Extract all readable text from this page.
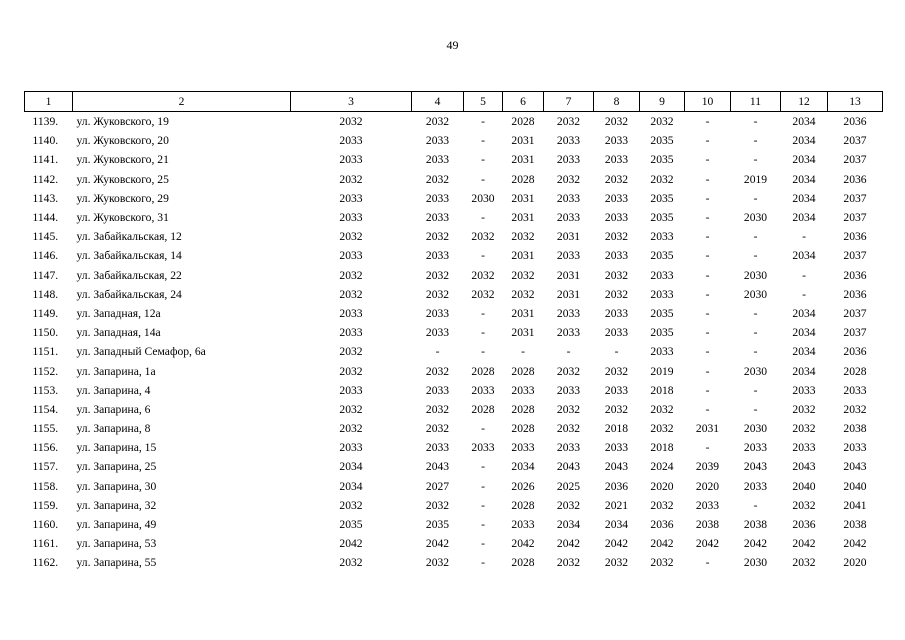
49
1	2	3	4	5	6	7	8	9	10	11	12	13
1139.	ул. Жуковского, 19	2032	2032	-	2028	2032	2032	2032	-	-	2034	2036
1140.	ул. Жуковского, 20	2033	2033	-	2031	2033	2033	2035	-	-	2034	2037
1141.	ул. Жуковского, 21	2033	2033	-	2031	2033	2033	2035	-	-	2034	2037
1142.	ул. Жуковского, 25	2032	2032	-	2028	2032	2032	2032	-	2019	2034	2036
1143.	ул. Жуковского, 29	2033	2033	2030	2031	2033	2033	2035	-	-	2034	2037
1144.	ул. Жуковского, 31	2033	2033	-	2031	2033	2033	2035	-	2030	2034	2037
1145.	ул. Забайкальская, 12	2032	2032	2032	2032	2031	2032	2033	-	-	-	2036
1146.	ул. Забайкальская, 14	2033	2033	-	2031	2033	2033	2035	-	-	2034	2037
1147.	ул. Забайкальская, 22	2032	2032	2032	2032	2031	2032	2033	-	2030	-	2036
1148.	ул. Забайкальская, 24	2032	2032	2032	2032	2031	2032	2033	-	2030	-	2036
1149.	ул. Западная, 12а	2033	2033	-	2031	2033	2033	2035	-	-	2034	2037
1150.	ул. Западная, 14а	2033	2033	-	2031	2033	2033	2035	-	-	2034	2037
1151.	ул. Западный Семафор, 6а	2032	-	-	-	-	-	2033	-	-	2034	2036
1152.	ул. Запарина, 1а	2032	2032	2028	2028	2032	2032	2019	-	2030	2034	2028
1153.	ул. Запарина, 4	2033	2033	2033	2033	2033	2033	2018	-	-	2033	2033
1154.	ул. Запарина, 6	2032	2032	2028	2028	2032	2032	2032	-	-	2032	2032
1155.	ул. Запарина, 8	2032	2032	-	2028	2032	2018	2032	2031	2030	2032	2038
1156.	ул. Запарина, 15	2033	2033	2033	2033	2033	2033	2018	-	2033	2033	2033
1157.	ул. Запарина, 25	2034	2043	-	2034	2043	2043	2024	2039	2043	2043	2043
1158.	ул. Запарина, 30	2034	2027	-	2026	2025	2036	2020	2020	2033	2040	2040
1159.	ул. Запарина, 32	2032	2032	-	2028	2032	2021	2032	2033	-	2032	2041
1160.	ул. Запарина, 49	2035	2035	-	2033	2034	2034	2036	2038	2038	2036	2038
1161.	ул. Запарина, 53	2042	2042	-	2042	2042	2042	2042	2042	2042	2042	2042
1162.	ул. Запарина, 55	2032	2032	-	2028	2032	2032	2032	-	2030	2032	2020
